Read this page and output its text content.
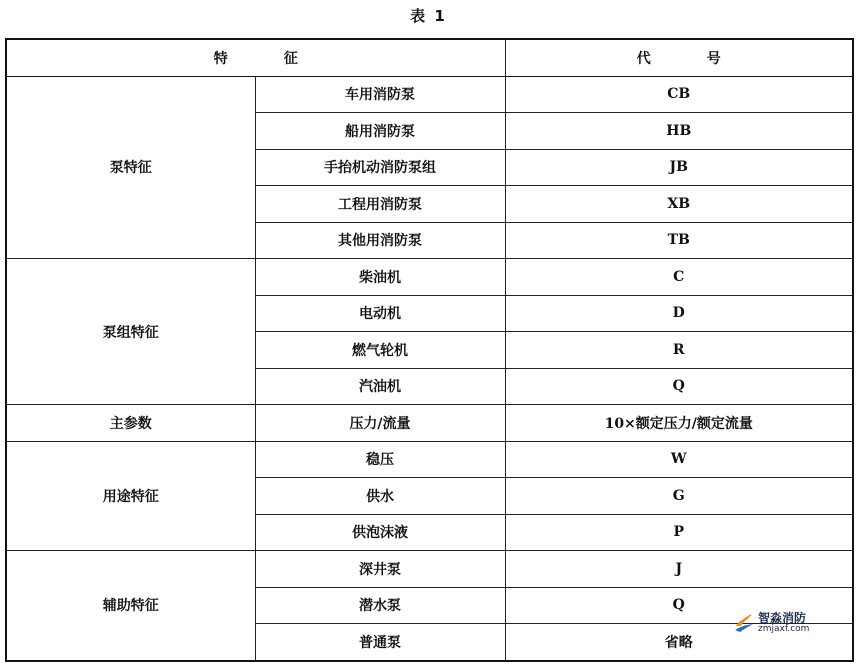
表 1
特　　　　征		代　　　　号
泵特征	车用消防泵	CB
	船用消防泵	HB
	手抬机动消防泵组	JB
	工程用消防泵	XB
	其他用消防泵	TB
泵组特征	柴油机	C
	电动机	D
	燃气轮机	R
	汽油机	Q
主参数	压力/流量	10×额定压力/额定流量
用途特征	稳压	W
	供水	G
	供泡沫液	P
辅助特征	深井泵	J
	潜水泵	Q
	普通泵	省略
智淼消防
zmjaxf.com
